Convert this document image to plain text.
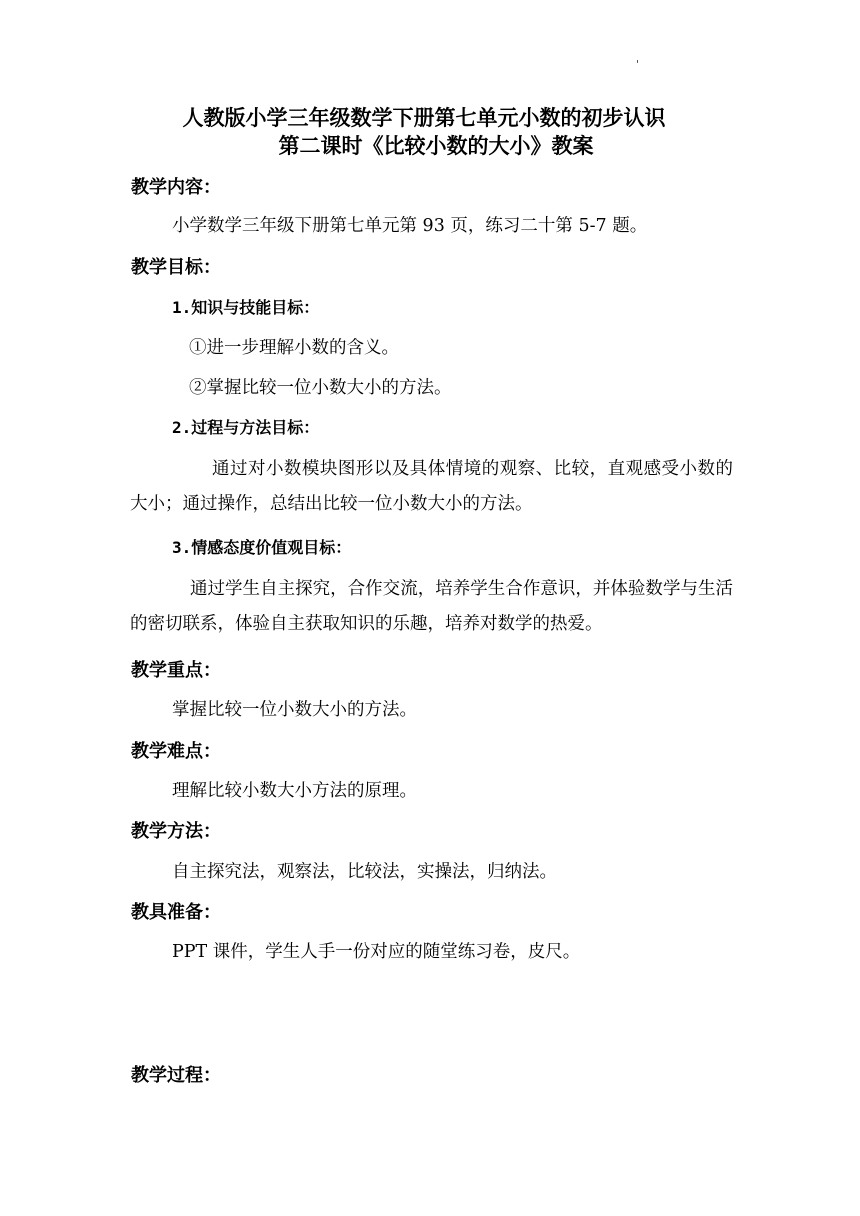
'
人教版小学三年级数学下册第七单元小数的初步认识
第二课时《比较小数的大小》教案
教学内容：
小学数学三年级下册第七单元第 93 页，练习二十第 5-7 题。
教学目标：
1.知识与技能目标：
①进一步理解小数的含义。
②掌握比较一位小数大小的方法。
2.过程与方法目标：
通过对小数模块图形以及具体情境的观察、比较，直观感受小数的大小；通过操作，总结出比较一位小数大小的方法。
3.情感态度价值观目标：
通过学生自主探究，合作交流，培养学生合作意识，并体验数学与生活的密切联系，体验自主获取知识的乐趣，培养对数学的热爱。
教学重点：
掌握比较一位小数大小的方法。
教学难点：
理解比较小数大小方法的原理。
教学方法：
自主探究法，观察法，比较法，实操法，归纳法。
教具准备：
PPT 课件，学生人手一份对应的随堂练习卷，皮尺。
教学过程：
